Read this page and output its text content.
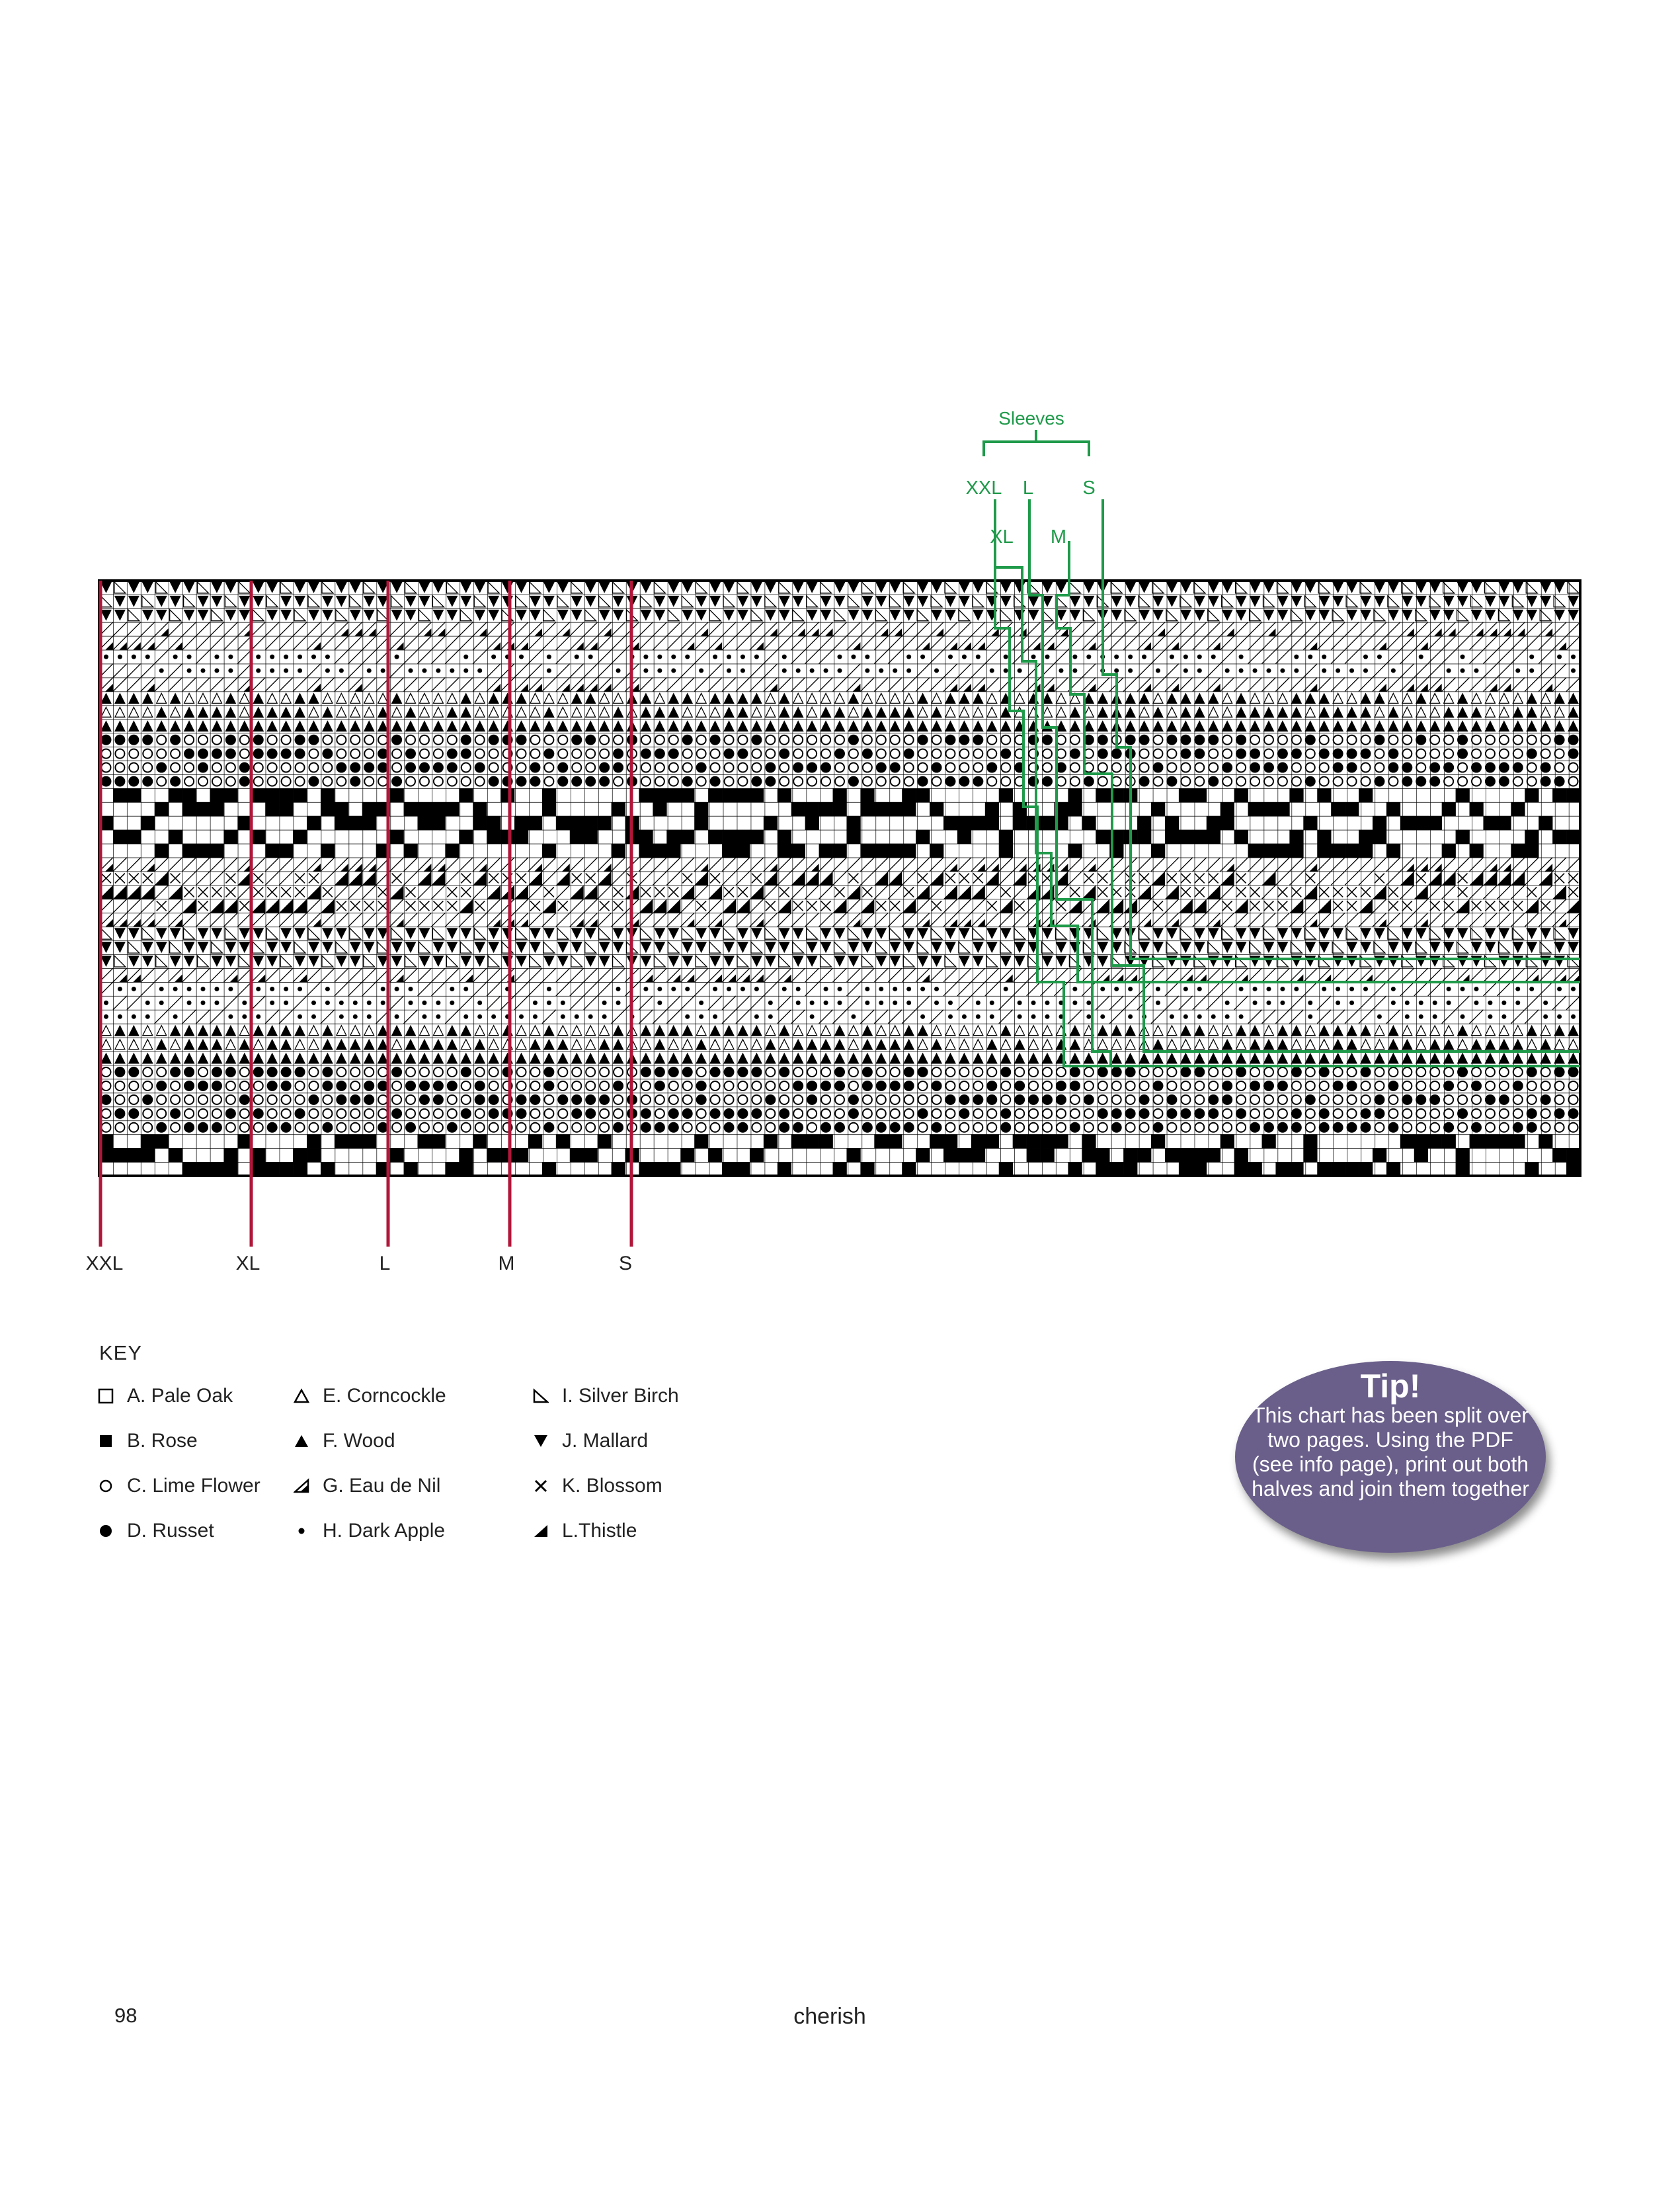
Sleeves
XXL L	S
XL M
XXL	XL	L	M	S
KEY
A. Pale Oak
B. Rose
C. Lime Flower
D. Russet
E. Corncockle
F. Wood
G. Eau de Nil
H. Dark Apple
I. Silver Birch
J. Mallard
K. Blossom
L.Thistle
Tip!
This chart has been split over two pages. Using the PDF (see info page), print out both halves and join them together
98	cherish
